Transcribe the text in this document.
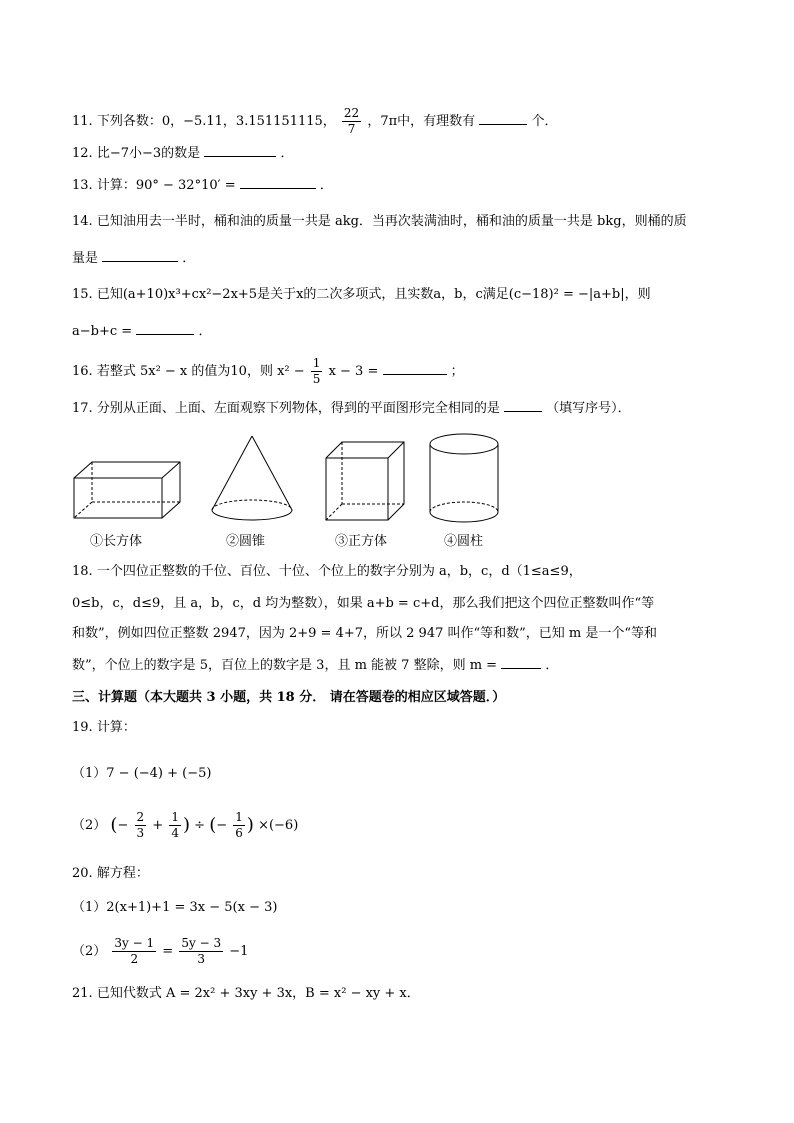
11. 下列各数：0，−5.11，3.151151115， $\frac{22}{7}$ ，7π中，有理数有	个．
12. 比−7小−3的数是	．
13. 计算：90° − 32°10′ =	．
14. 已知油用去一半时，桶和油的质量一共是 akg．当再次装满油时，桶和油的质量一共是 bkg，则桶的质
量是	．
15. 已知(a+10)x³+cx²−2x+5是关于x的二次多项式，且实数a，b，c满足(c−18)² = −|a+b|，则
a−b+c =	．
16. 若整式 5x² − x 的值为10，则 $x^2 - \frac{1}{5}$ x − 3 =	；
17. 分别从正面、上面、左面观察下列物体，得到的平面图形完全相同的是	（填写序号）．
①长方体	②圆锥	③正方体	④圆柱
18. 一个四位正整数的千位、百位、十位、个位上的数字分别为 a，b，c，d（1≤a≤9，
0≤b，c，d≤9，且 a，b，c，d 均为整数），如果 a+b = c+d，那么我们把这个四位正整数叫作“等
和数”，例如四位正整数 2947，因为 2+9 = 4+7，所以 2 947 叫作“等和数”，已知 m 是一个“等和
数”，个位上的数字是 5，百位上的数字是 3，且 m 能被 7 整除，则 m =	．
三、计算题（本大题共 3 小题，共 18 分． 请在答题卷的相应区域答题．）
19. 计算：
（1）7 − (−4) + (−5)
（2） (− $\frac{2}{3} + \frac{1}{4}$ ) ÷ (− $\frac{1}{6}$ ) ×(−6)
20. 解方程：
（1）2(x+1)+1 = 3x − 5(x − 3)
$(2) \frac{3y - 1}{2} = \frac{5y - 3}{3} -1$
21. 已知代数式 A = 2x² + 3xy + 3x，B = x² − xy + x．
